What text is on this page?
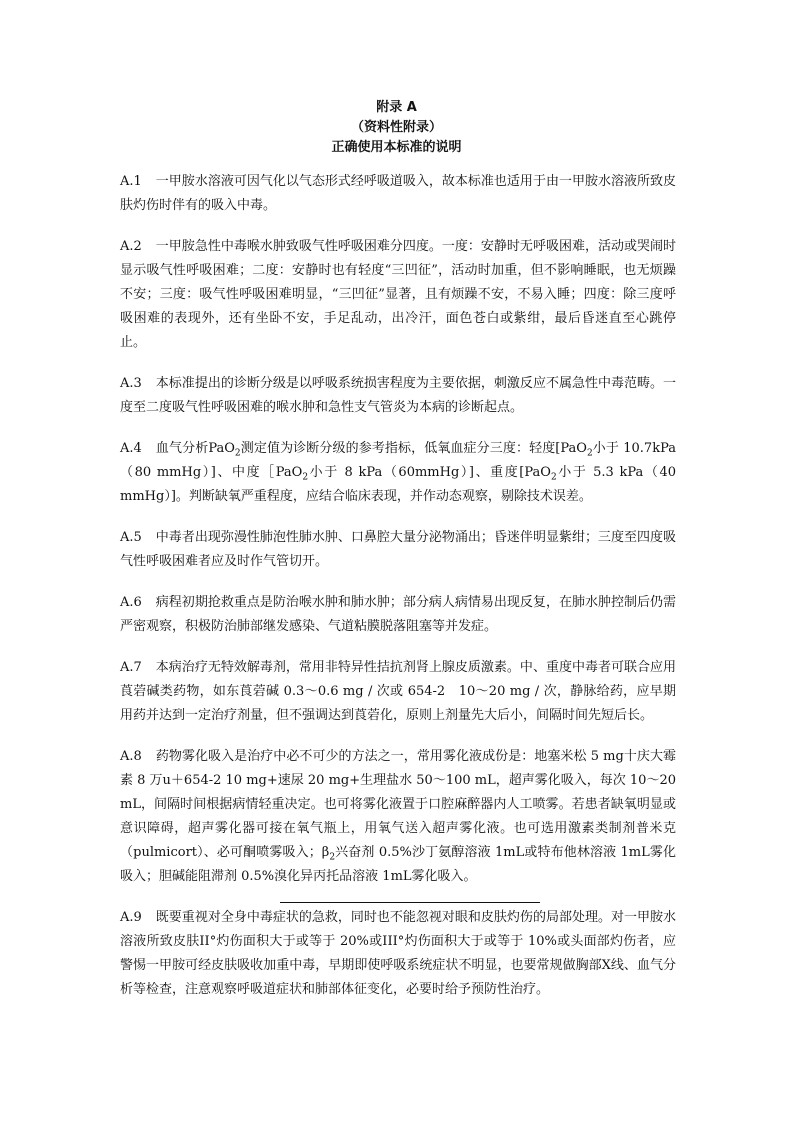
附录 A
（资料性附录）
正确使用本标准的说明

A.1 一甲胺水溶液可因气化以气态形式经呼吸道吸入，故本标准也适用于由一甲胺水溶液所致皮肤灼伤时伴有的吸入中毒。

A.2 一甲胺急性中毒喉水肿致吸气性呼吸困难分四度。一度：安静时无呼吸困难，活动或哭闹时显示吸气性呼吸困难；二度：安静时也有轻度“三凹征”，活动时加重，但不影响睡眠，也无烦躁不安；三度：吸气性呼吸困难明显，“三凹征”显著，且有烦躁不安，不易入睡；四度：除三度呼吸困难的表现外，还有坐卧不安，手足乱动，出冷汗，面色苍白或紫绀，最后昏迷直至心跳停止。

A.3 本标准提出的诊断分级是以呼吸系统损害程度为主要依据，刺激反应不属急性中毒范畴。一度至二度吸气性呼吸困难的喉水肿和急性支气管炎为本病的诊断起点。

A.4 血气分析PaO$_2$测定值为诊断分级的参考指标，低氧血症分三度：轻度[PaO$_2$小于 10.7kPa（80 mmHg）]、中度［PaO$_2$小于 8 kPa（60mmHg）]、重度[PaO$_2$小于 5.3 kPa（40 mmHg）]。判断缺氧严重程度，应结合临床表现，并作动态观察，剔除技术误差。

A.5 中毒者出现弥漫性肺泡性肺水肿、口鼻腔大量分泌物涌出；昏迷伴明显紫绀；三度至四度吸气性呼吸困难者应及时作气管切开。

A.6 病程初期抢救重点是防治喉水肿和肺水肿；部分病人病情易出现反复，在肺水肿控制后仍需严密观察，积极防治肺部继发感染、气道粘膜脱落阻塞等并发症。

A.7 本病治疗无特效解毒剂，常用非特异性拮抗剂肾上腺皮质激素。中、重度中毒者可联合应用莨菪碱类药物，如东莨菪碱 0.3～0.6 mg / 次或 654-2　10～20 mg / 次，静脉给药，应早期用药并达到一定治疗剂量，但不强调达到莨菪化，原则上剂量先大后小，间隔时间先短后长。

A.8 药物雾化吸入是治疗中必不可少的方法之一，常用雾化液成份是：地塞米松 5 mg十庆大霉素 8 万u＋654-2 10 mg+速尿 20 mg+生理盐水 50～100 mL，超声雾化吸入，每次 10～20 mL，间隔时间根据病情轻重决定。也可将雾化液置于口腔麻醉器内人工喷雾。若患者缺氧明显或意识障碍，超声雾化器可接在氧气瓶上，用氧气送入超声雾化液。也可选用激素类制剂普米克（pulmicort）、必可酮喷雾吸入；$\beta_2$兴奋剂 0.5%沙丁氨醇溶液 1mL或特布他林溶液 1mL雾化吸入；胆碱能阻滞剂 0.5%溴化异丙托品溶液 1mL雾化吸入。

A.9 既要重视对全身中毒症状的急救，同时也不能忽视对眼和皮肤灼伤的局部处理。对一甲胺水溶液所致皮肤II°灼伤面积大于或等于 20%或III°灼伤面积大于或等于 10%或头面部灼伤者，应警惕一甲胺可经皮肤吸收加重中毒，早期即使呼吸系统症状不明显，也要常规做胸部X线、血气分析等检查，注意观察呼吸道症状和肺部体征变化，必要时给予预防性治疗。
